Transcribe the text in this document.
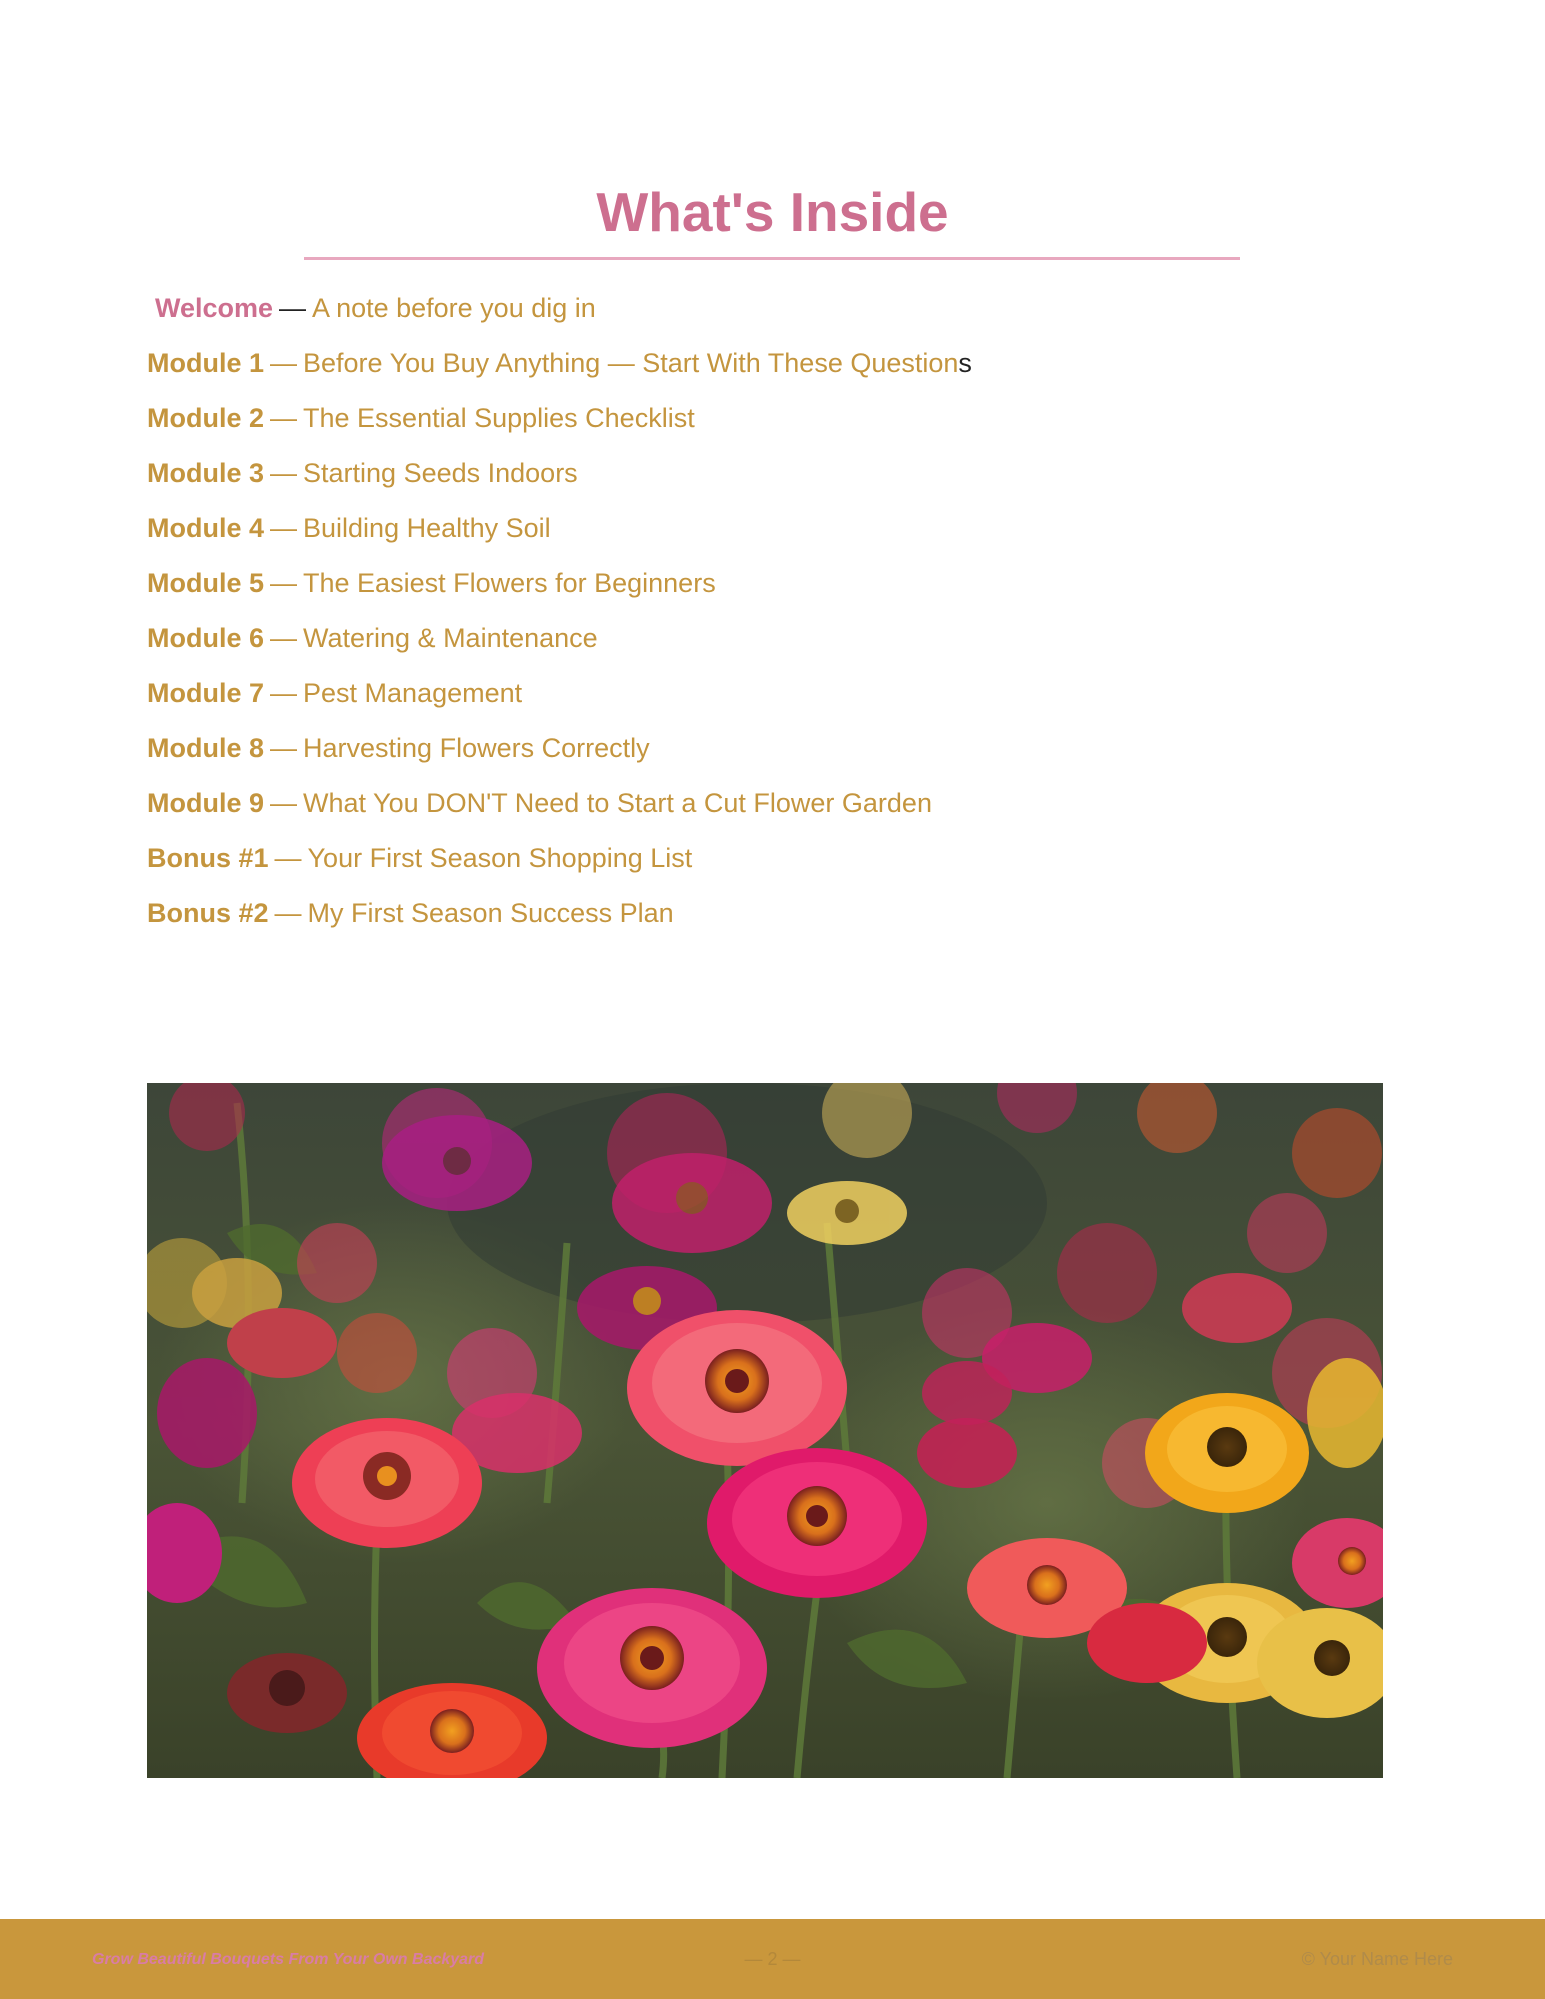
What's Inside
Welcome — A note before you dig in
Module 1 — Before You Buy Anything — Start With These Questions
Module 2 — The Essential Supplies Checklist
Module 3 — Starting Seeds Indoors
Module 4 — Building Healthy Soil
Module 5 — The Easiest Flowers for Beginners
Module 6 — Watering & Maintenance
Module 7 — Pest Management
Module 8 — Harvesting Flowers Correctly
Module 9 — What You DON'T Need to Start a Cut Flower Garden
Bonus #1 — Your First Season Shopping List
Bonus #2 — My First Season Success Plan
Grow Beautiful Bouquets From Your Own Backyard	— 2 —	© Your Name Here
